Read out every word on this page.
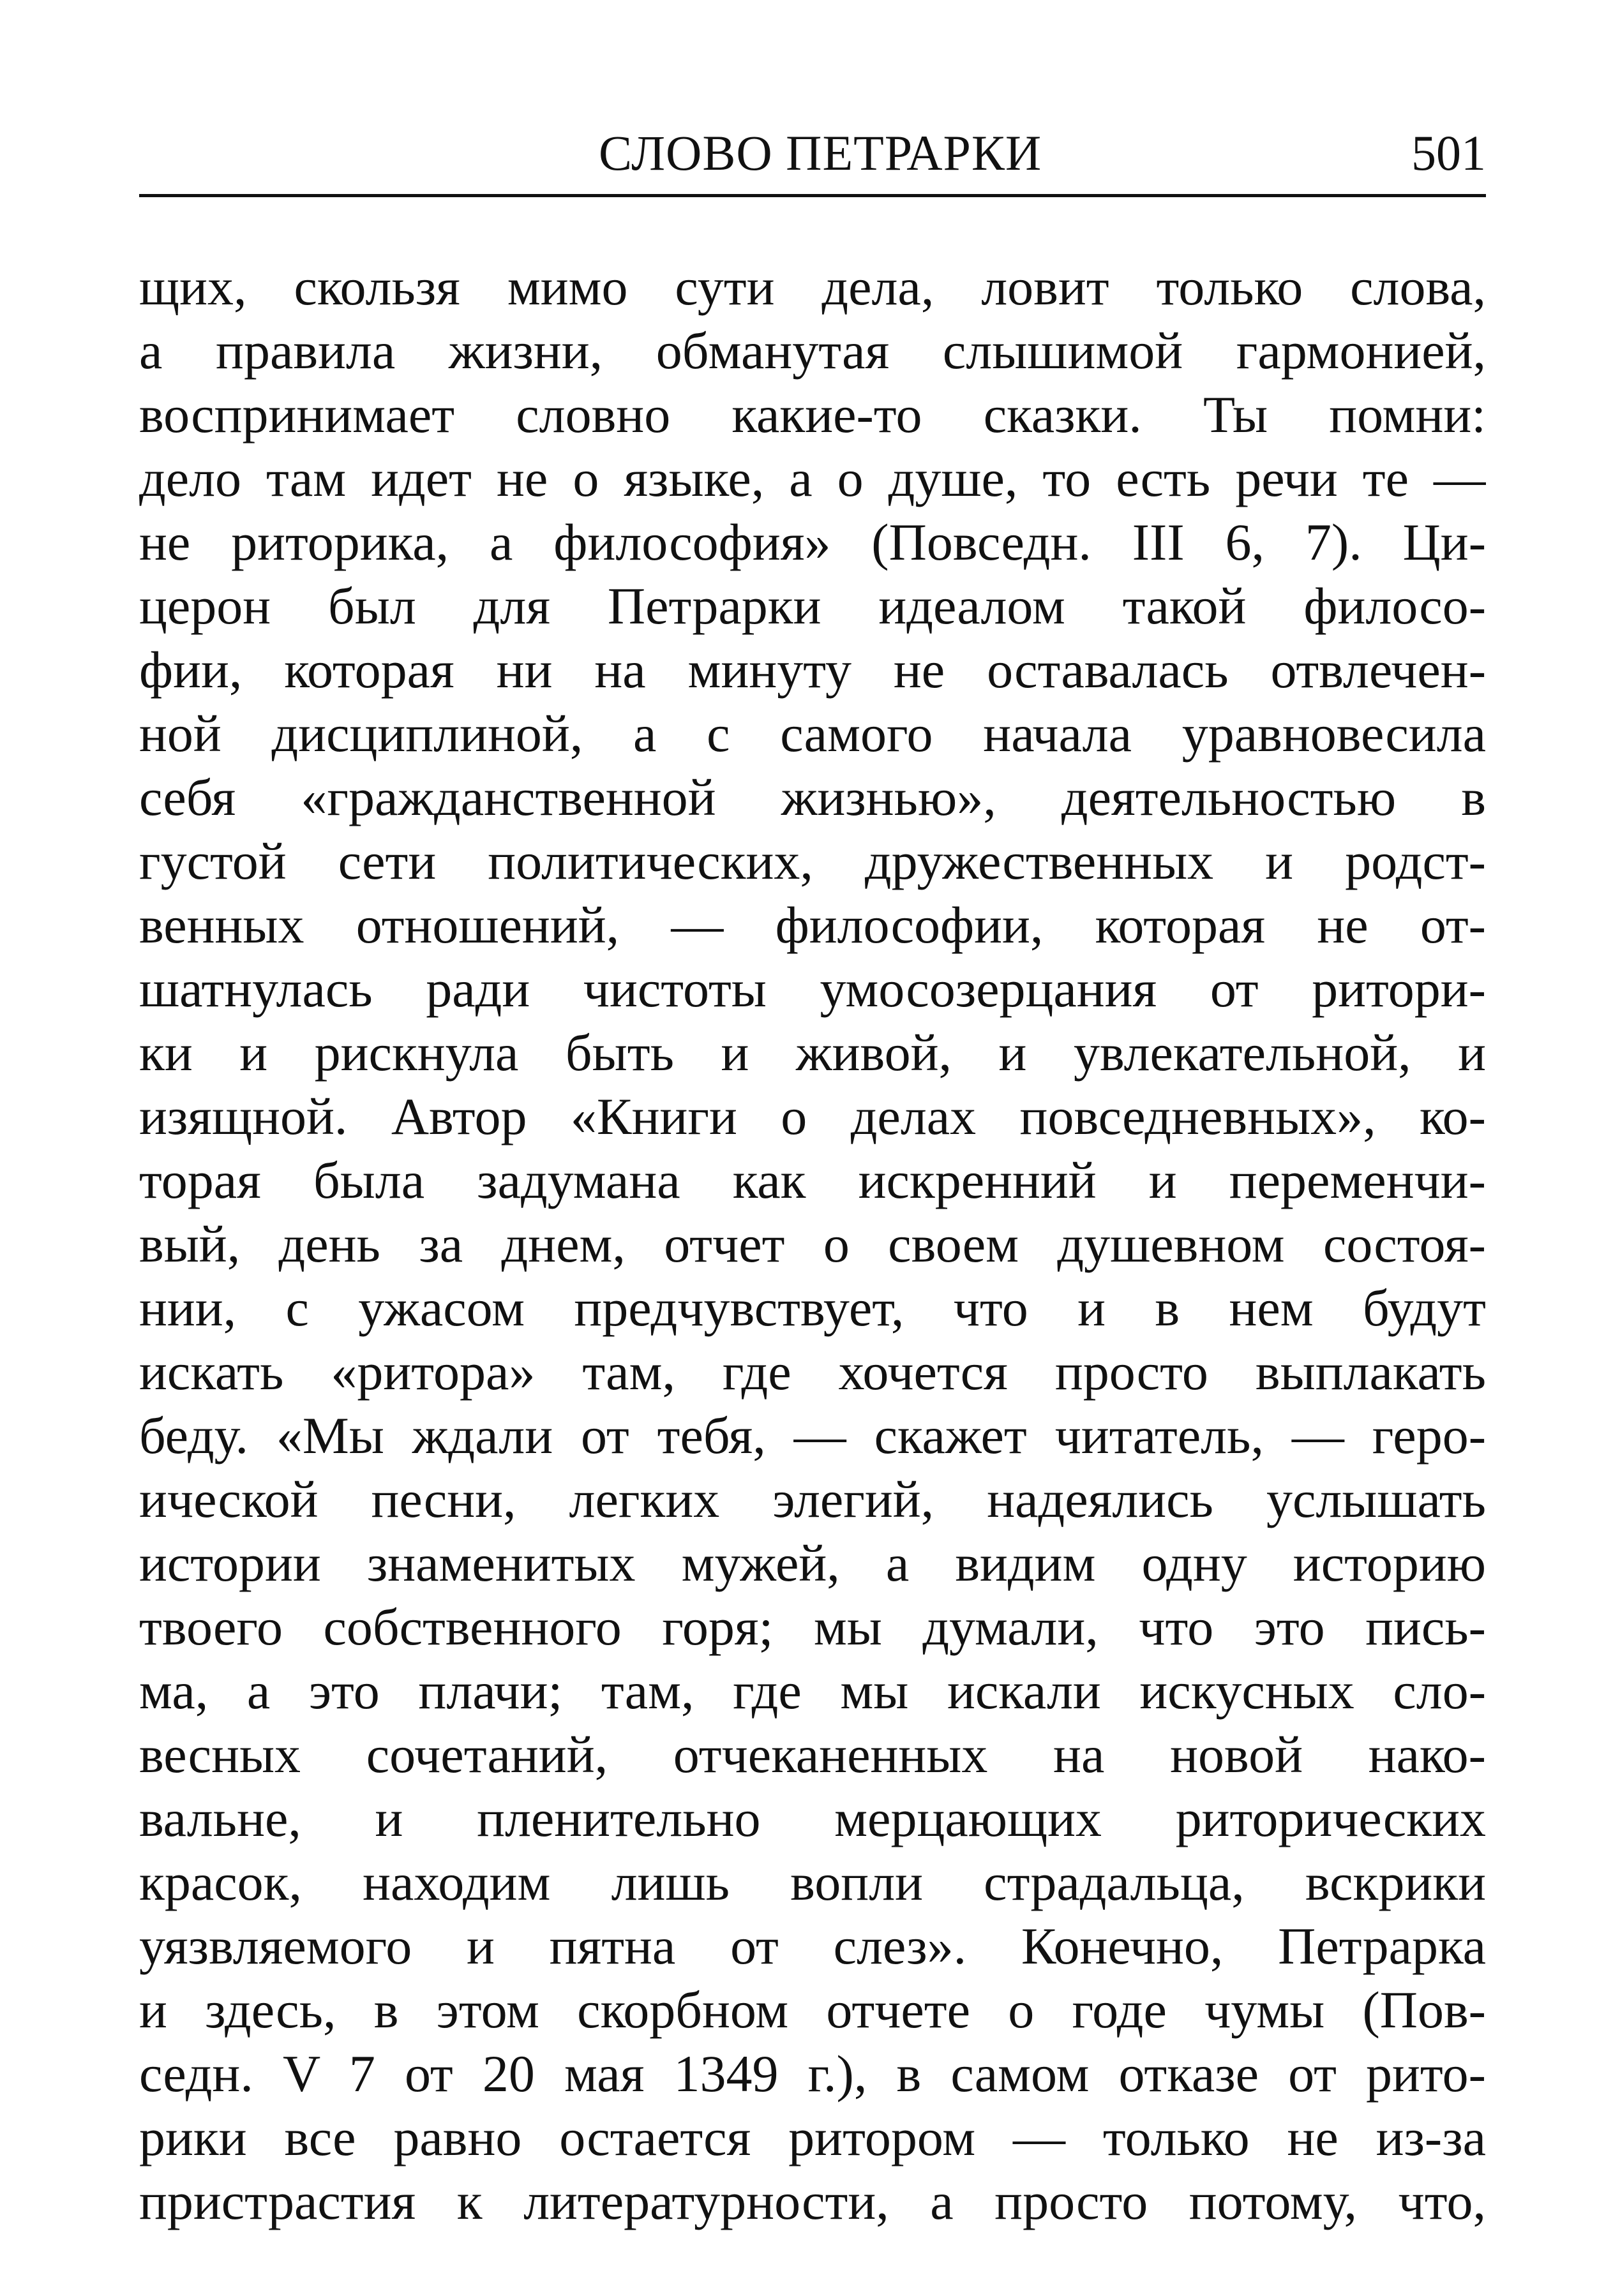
СЛОВО ПЕТРАРКИ	501
щих, скользя мимо сути дела, ловит только слова,
а правила жизни, обманутая слышимой гармонией,
воспринимает словно какие-то сказки. Ты помни:
дело там идет не о языке, а о душе, то есть речи те —
не риторика, а философия» (Повседн. III 6, 7). Ци-
церон был для Петрарки идеалом такой филосо-
фии, которая ни на минуту не оставалась отвлечен-
ной дисциплиной, а с самого начала уравновесила
себя «гражданственной жизнью», деятельностью в
густой сети политических, дружественных и родст-
венных отношений, — философии, которая не от-
шатнулась ради чистоты умосозерцания от ритори-
ки и рискнула быть и живой, и увлекательной, и
изящной. Автор «Книги о делах повседневных», ко-
торая была задумана как искренний и переменчи-
вый, день за днем, отчет о своем душевном состоя-
нии, с ужасом предчувствует, что и в нем будут
искать «ритора» там, где хочется просто выплакать
беду. «Мы ждали от тебя, — скажет читатель, — геро-
ической песни, легких элегий, надеялись услышать
истории знаменитых мужей, а видим одну историю
твоего собственного горя; мы думали, что это пись-
ма, а это плачи; там, где мы искали искусных сло-
весных сочетаний, отчеканенных на новой нако-
вальне, и пленительно мерцающих риторических
красок, находим лишь вопли страдальца, вскрики
уязвляемого и пятна от слез». Конечно, Петрарка
и здесь, в этом скорбном отчете о годе чумы (Пов-
седн. V 7 от 20 мая 1349 г.), в самом отказе от рито-
рики все равно остается ритором — только не из-за
пристрастия к литературности, а просто потому, что,
